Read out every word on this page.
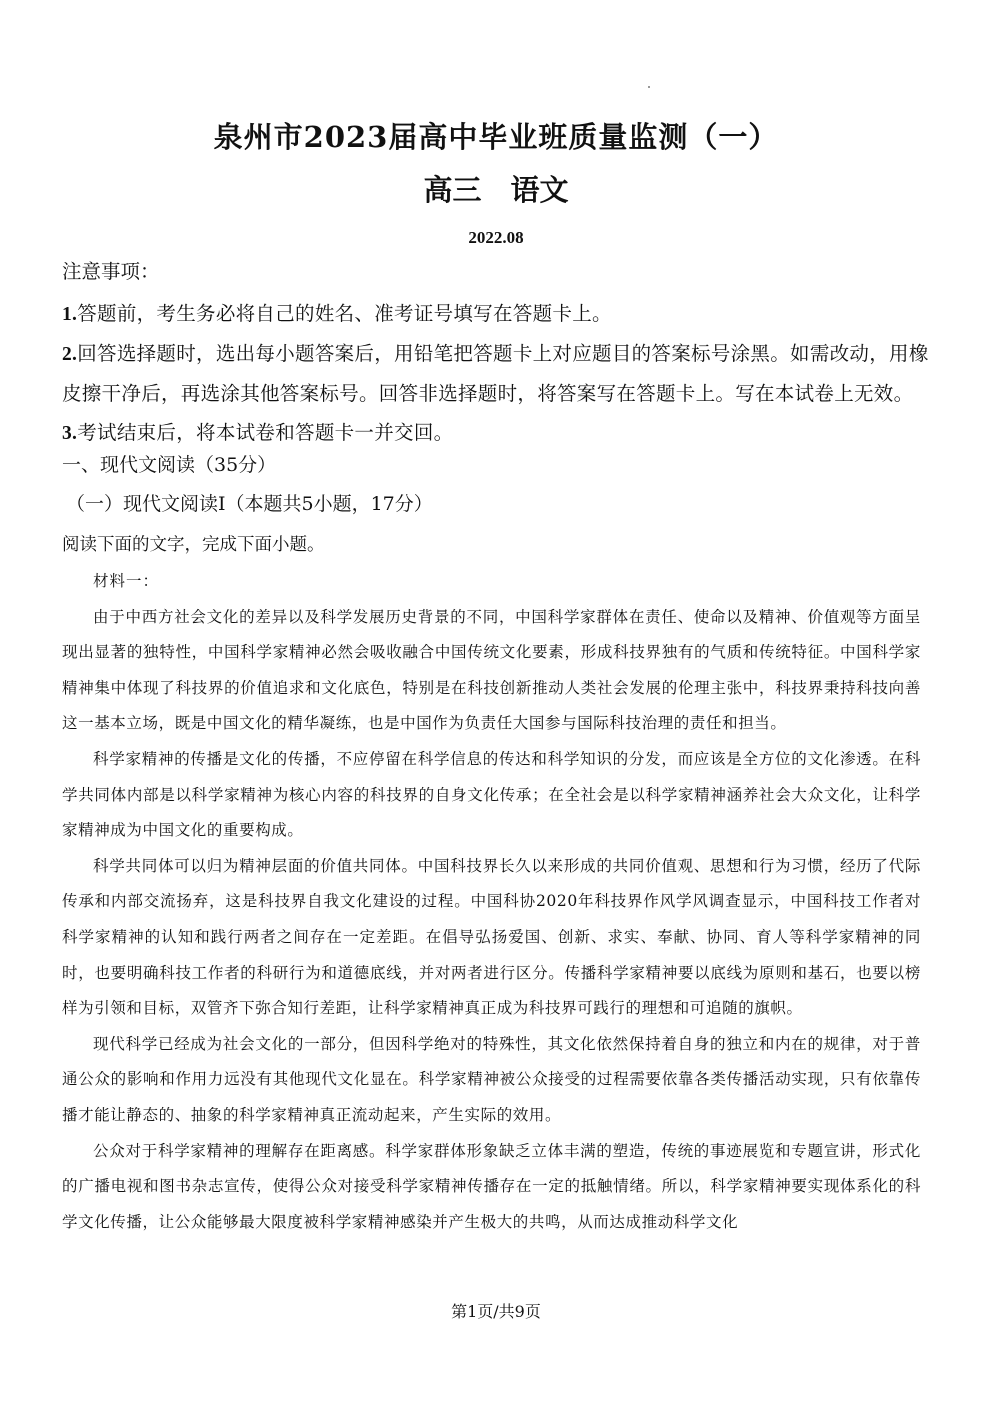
泉州市2023届高中毕业班质量监测（一）
高三　语文
2022.08
注意事项：
1.答题前，考生务必将自己的姓名、准考证号填写在答题卡上。
2.回答选择题时，选出每小题答案后，用铅笔把答题卡上对应题目的答案标号涂黑。如需改动，用橡皮擦干净后，再选涂其他答案标号。回答非选择题时，将答案写在答题卡上。写在本试卷上无效。
3.考试结束后，将本试卷和答题卡一并交回。
一、现代文阅读（35分）
（一）现代文阅读Ⅰ（本题共5小题，17分）
阅读下面的文字，完成下面小题。

材料一：

由于中西方社会文化的差异以及科学发展历史背景的不同，中国科学家群体在责任、使命以及精神、价值观等方面呈现出显著的独特性，中国科学家精神必然会吸收融合中国传统文化要素，形成科技界独有的气质和传统特征。中国科学家精神集中体现了科技界的价值追求和文化底色，特别是在科技创新推动人类社会发展的伦理主张中，科技界秉持科技向善这一基本立场，既是中国文化的精华凝练，也是中国作为负责任大国参与国际科技治理的责任和担当。

科学家精神的传播是文化的传播，不应停留在科学信息的传达和科学知识的分发，而应该是全方位的文化渗透。在科学共同体内部是以科学家精神为核心内容的科技界的自身文化传承；在全社会是以科学家精神涵养社会大众文化，让科学家精神成为中国文化的重要构成。

科学共同体可以归为精神层面的价值共同体。中国科技界长久以来形成的共同价值观、思想和行为习惯，经历了代际传承和内部交流扬弃，这是科技界自我文化建设的过程。中国科协2020年科技界作风学风调查显示，中国科技工作者对科学家精神的认知和践行两者之间存在一定差距。在倡导弘扬爱国、创新、求实、奉献、协同、育人等科学家精神的同时，也要明确科技工作者的科研行为和道德底线，并对两者进行区分。传播科学家精神要以底线为原则和基石，也要以榜样为引领和目标，双管齐下弥合知行差距，让科学家精神真正成为科技界可践行的理想和可追随的旗帜。

现代科学已经成为社会文化的一部分，但因科学绝对的特殊性，其文化依然保持着自身的独立和内在的规律，对于普通公众的影响和作用力远没有其他现代文化显在。科学家精神被公众接受的过程需要依靠各类传播活动实现，只有依靠传播才能让静态的、抽象的科学家精神真正流动起来，产生实际的效用。

公众对于科学家精神的理解存在距离感。科学家群体形象缺乏立体丰满的塑造，传统的事迹展览和专题宣讲，形式化的广播电视和图书杂志宣传，使得公众对接受科学家精神传播存在一定的抵触情绪。所以，科学家精神要实现体系化的科学文化传播，让公众能够最大限度被科学家精神感染并产生极大的共鸣，从而达成推动科学文化

第1页/共9页
